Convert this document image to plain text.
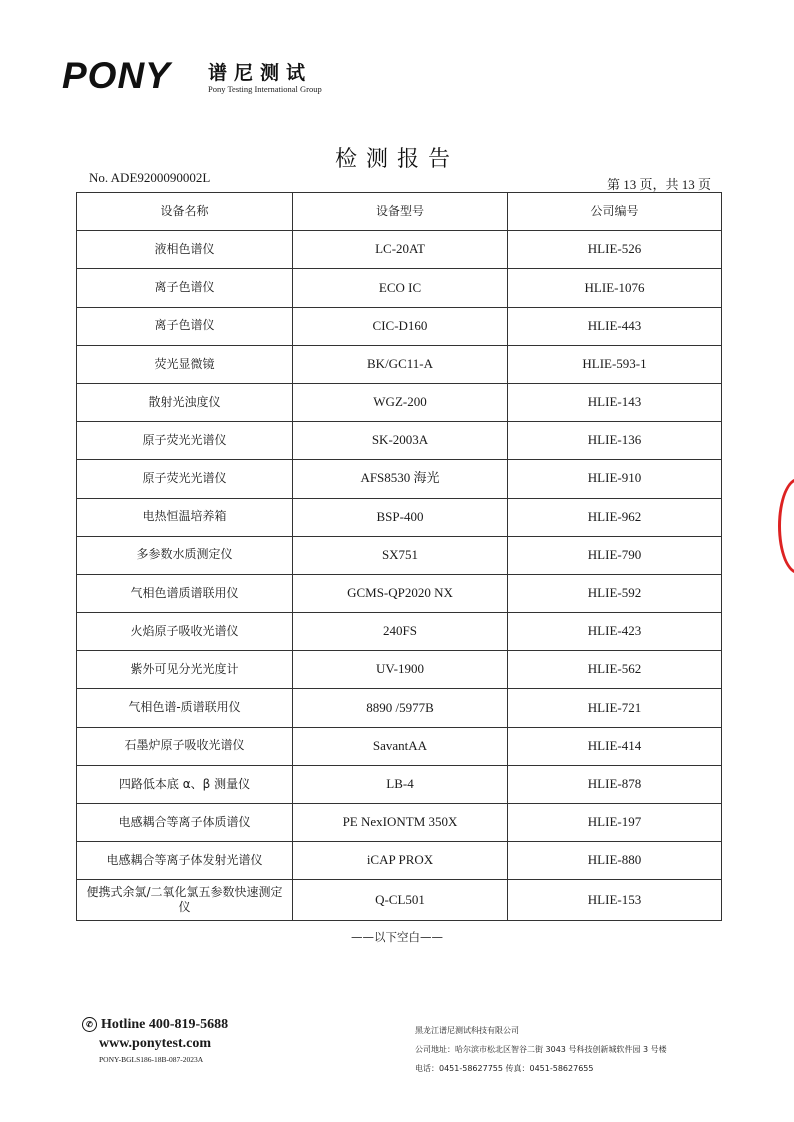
PONY 谱尼测试
Pony Testing International Group
检测报告
No. ADE9200090002L	第 13 页，共 13 页
设备名称	设备型号	公司编号
液相色谱仪	LC-20AT	HLIE-526
离子色谱仪	ECO IC	HLIE-1076
离子色谱仪	CIC-D160	HLIE-443
荧光显微镜	BK/GC11-A	HLIE-593-1
散射光浊度仪	WGZ-200	HLIE-143
原子荧光光谱仪	SK-2003A	HLIE-136
原子荧光光谱仪	AFS8530 海光	HLIE-910
电热恒温培养箱	BSP-400	HLIE-962
多参数水质测定仪	SX751	HLIE-790
气相色谱质谱联用仪	GCMS-QP2020 NX	HLIE-592
火焰原子吸收光谱仪	240FS	HLIE-423
紫外可见分光光度计	UV-1900	HLIE-562
气相色谱-质谱联用仪	8890 /5977B	HLIE-721
石墨炉原子吸收光谱仪	SavantAA	HLIE-414
四路低本底 α、β 测量仪	LB-4	HLIE-878
电感耦合等离子体质谱仪	PE NexIONTM 350X	HLIE-197
电感耦合等离子体发射光谱仪	iCAP PROX	HLIE-880
便携式余氯/二氧化氯五参数快速测定仪	Q-CL501	HLIE-153
——以下空白——
✆ Hotline 400-819-5688
www.ponytest.com
PONY-BGLS186-18B-087-2023A
黑龙江谱尼测试科技有限公司
公司地址：哈尔滨市松北区智谷二街 3043 号科技创新城软件园 3 号楼
电话：0451-58627755 传真：0451-58627655
